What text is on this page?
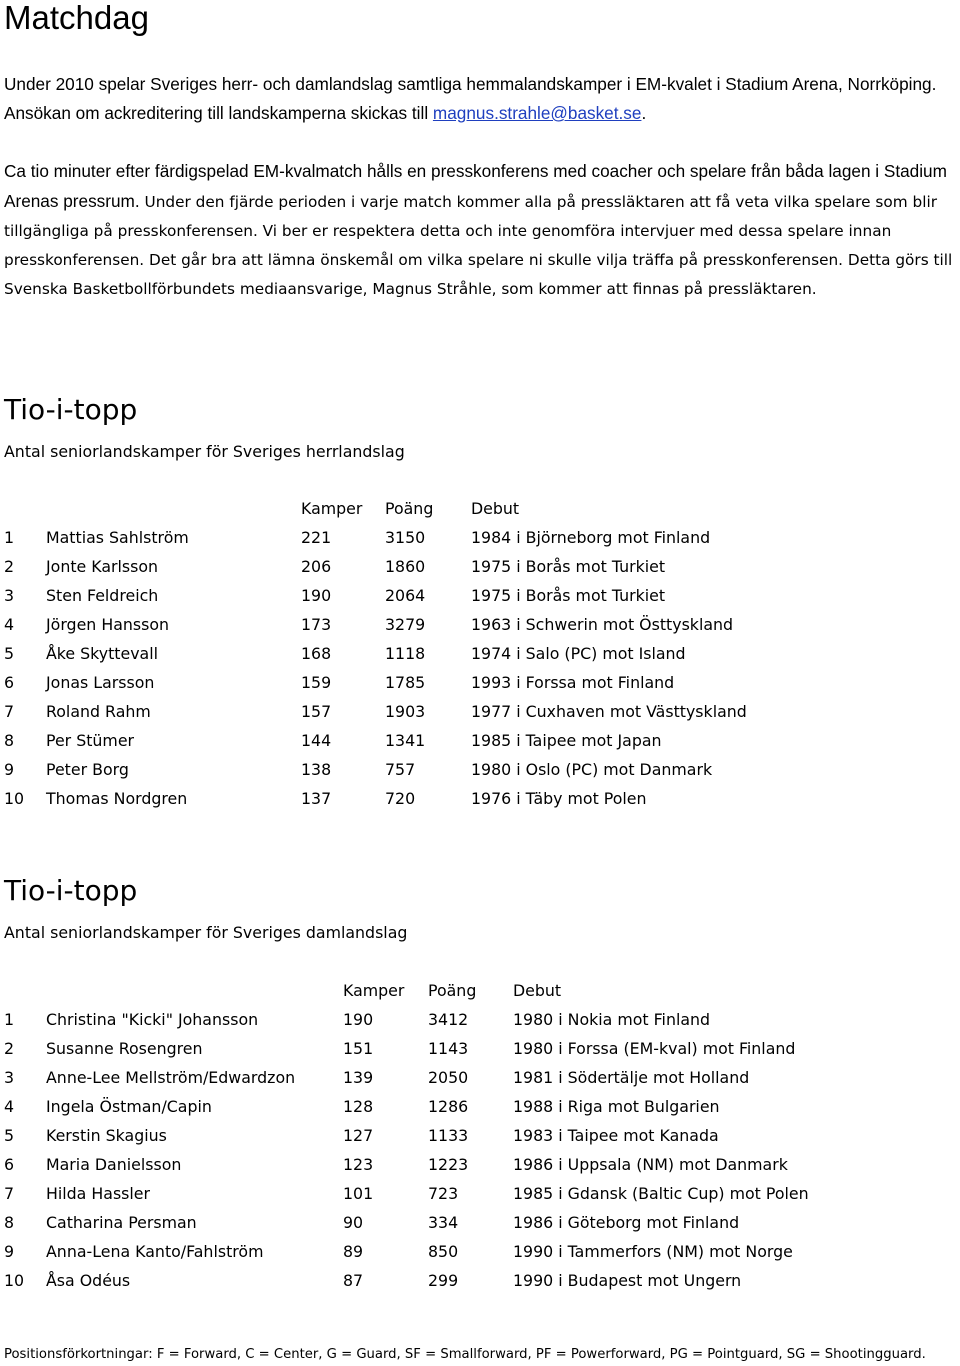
Matchdag

Under 2010 spelar Sveriges herr- och damlandslag samtliga hemmalandskamper i EM-kvalet i Stadium Arena, Norrköping. Ansökan om ackreditering till landskamperna skickas till magnus.strahle@basket.se.

Ca tio minuter efter färdigspelad EM-kvalmatch hålls en presskonferens med coacher och spelare från båda lagen i Stadium Arenas pressrum. Under den fjärde perioden i varje match kommer alla på pressläktaren att få veta vilka spelare som blir tillgängliga på presskonferensen. Vi ber er respektera detta och inte genomföra intervjuer med dessa spelare innan presskonferensen. Det går bra att lämna önskemål om vilka spelare ni skulle vilja träffa på presskonferensen. Detta görs till Svenska Basketbollförbundets mediaansvarige, Magnus Stråhle, som kommer att finnas på pressläktaren.

Tio-i-topp

Antal seniorlandskamper för Sveriges herrlandslag

Kamper Poäng Debut
1 Mattias Sahlström	221	3150	1984 i Björneborg mot Finland
2 Jonte Karlsson	206	1860	1975 i Borås mot Turkiet
3 Sten Feldreich	190	2064	1975 i Borås mot Turkiet
4 Jörgen Hansson	173	3279	1963 i Schwerin mot Östtyskland
5 Åke Skyttevall	168	1118	1974 i Salo (PC) mot Island
6 Jonas Larsson	159	1785	1993 i Forssa mot Finland
7 Roland Rahm	157	1903	1977 i Cuxhaven mot Västtyskland
8 Per Stümer	144	1341	1985 i Taipee mot Japan
9 Peter Borg	138	757	1980 i Oslo (PC) mot Danmark
10 Thomas Nordgren	137	720	1976 i Täby mot Polen
Tio-i-topp

Antal seniorlandskamper för Sveriges damlandslag

Kamper Poäng Debut
1 Christina "Kicki" Johansson	190	3412	1980 i Nokia mot Finland
2 Susanne Rosengren	151	1143	1980 i Forssa (EM-kval) mot Finland
3 Anne-Lee Mellström/Edwardzon	139	2050	1981 i Södertälje mot Holland
4 Ingela Östman/Capin	128	1286	1988 i Riga mot Bulgarien
5 Kerstin Skagius	127	1133	1983 i Taipee mot Kanada
6 Maria Danielsson	123	1223	1986 i Uppsala (NM) mot Danmark
7 Hilda Hassler	101	723	1985 i Gdansk (Baltic Cup) mot Polen
8 Catharina Persman	90	334	1986 i Göteborg mot Finland
9 Anna-Lena Kanto/Fahlström	89	850	1990 i Tammerfors (NM) mot Norge
10 Åsa Odéus	87	299	1990 i Budapest mot Ungern

Positionsförkortningar: F = Forward, C = Center, G = Guard, SF = Smallforward, PF = Powerforward, PG = Pointguard, SG = Shootingguard.
